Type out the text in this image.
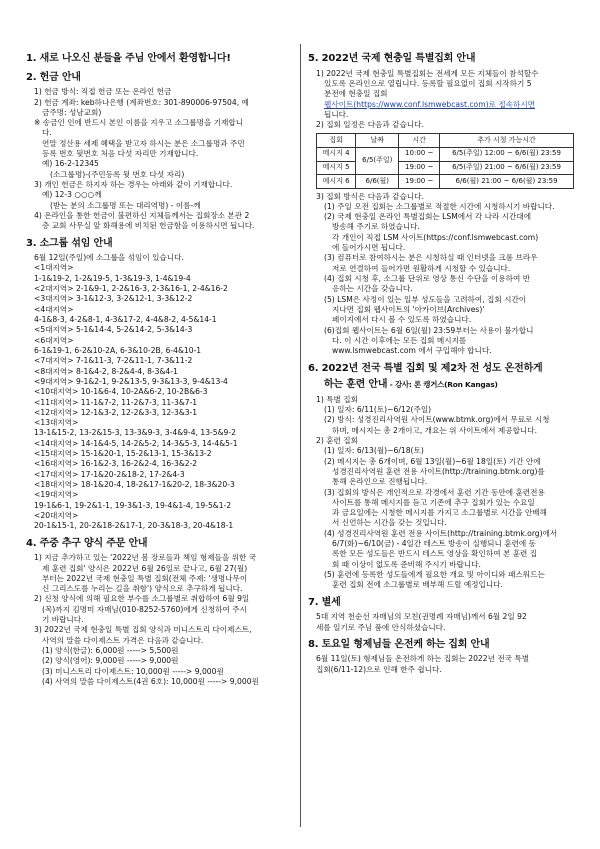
1. 새로 나오신 분들을 주님 안에서 환영합니다!
2. 헌금 안내
1) 헌금 방식: 직접 헌금 또는 온라인 헌금
2) 헌금 계좌: keb하나은행 (계좌번호: 301-890006-97504, 예
금주명: 성남교회)
※ 송금인 인에 반드시 본인 이름을 지우고 소그룹명을 기재합니
다.
연말 정산용 세제 혜택을 받고자 하시는 분은 소그룹명과 주민
등록 번호 뒷번호 처음 다섯 자리만 기재합니다.
예) 16-2-12345
(소그룹명)-(주민등록 뒷 번호 다섯 자리)
3) 개인 헌금은 하지자 하는 경우는 아래와 같이 기재합니다.
예) 12-3 ○○○께
(받는 분의 소그룹명 또는 대리역명) - 이름-께
4) 온라인을 통한 헌금이 불편하신 지체들께서는 집회장소 본관 2
층 교회 사무실 앞 화해용에 비치된 헌금함을 이용하시면 됩니다.
3. 소그룹 섞임 안내
6월 12일(주일)에 소그룹을 섞임이 있습니다.
<1대지역>
1-1&19-2, 1-2&19-5, 1-3&19-3, 1-4&19-4
<2대지역> 2-1&9-1, 2-2&16-3, 2-3&16-1, 2-4&16-2
<3대지역> 3-1&12-3, 3-2&12-1, 3-3&12-2
<4대지역>
4-1&8-3, 4-2&8-1, 4-3&17-2, 4-4&8-2, 4-5&14-1
<5대지역> 5-1&14-4, 5-2&14-2, 5-3&14-3
<6대지역>
6-1&19-1, 6-2&10-2A, 6-3&10-2B, 6-4&10-1
<7대지역> 7-1&11-3, 7-2&11-1, 7-3&11-2
<8대지역> 8-1&4-2, 8-2&4-4, 8-3&4-1
<9대지역> 9-1&2-1, 9-2&13-5, 9-3&13-3, 9-4&13-4
<10대지역> 10-1&6-4, 10-2A&6-2, 10-2B&6-3
<11대지역> 11-1&7-2, 11-2&7-3, 11-3&7-1
<12대지역> 12-1&3-2, 12-2&3-3, 12-3&3-1
<13대지역>
13-1&15-2, 13-2&15-3, 13-3&9-3, 3-4&9-4, 13-5&9-2
<14대지역> 14-1&4-5, 14-2&5-2, 14-3&5-3, 14-4&5-1
<15대지역> 15-1&20-1, 15-2&13-1, 15-3&13-2
<16대지역> 16-1&2-3, 16-2&2-4, 16-3&2-2
<17대지역> 17-1&20-2&18-2, 17-2&4-3
<18대지역> 18-1&20-4, 18-2&17-1&20-2, 18-3&20-3
<19대지역>
19-1&6-1, 19-2&1-1, 19-3&1-3, 19-4&1-4, 19-5&1-2
<20대지역>
20-1&15-1, 20-2&18-2&17-1, 20-3&18-3, 20-4&18-1
4. 주중 추구 양식 주문 안내
1) 지금 추가하고 있는 '2022년 봄 장로들과 책임 형제들을 위한 국
제 훈련 집회' 양식은 2022년 6월 26일로 끝나고, 6월 27(월)
부터는 2022년 국제 현충일 특별 집회(전체 주제: '생명나무이
신 그리스도를 누리는 길을 취함') 양식으로 추구하게 됩니다.
2) 신청 양식에 의해 필요한 부수를 소그룹별로 취합하여 6월 9일
(목)까지 김명미 자매님(010-8252-5760)에게 신청하여 주시
기 바랍니다.
3) 2022년 국제 현충일 특별 집회 양식과 미니스트리 다이제스트,
사역의 말씀 다이제스트 가격은 다음과 같습니다.
(1) 양식(한글): 6,000원 -----> 5,500원
(2) 양식(영어): 9,000원 -----> 9,000원
(3) 미니스트리 다이제스트: 10,000원 -----> 9,000원
(4) 사역의 말씀 다이제스트(4권 6호): 10,000원 -----> 9,000원
5. 2022년 국제 현충일 특별집회 안내
1) 2022년 국제 현충일 특별집회는 전세계 모든 지체들이 참석할수
있도록 온라인으로 열립니다. 등록할 필요없이 집회 시작하기 5
분전에 현충일 집회
웹사이트(https://www.conf.lsmwebcast.com)로 접속하시면
됩니다.
2) 집회 일정은 다음과 같습니다.
집회	날짜	시간	추가 시청 가능시간
메시지 4	6/5(주일)	10:00 ~	6/5(주일) 12:00 ~ 6/6(월) 23:59
메시지 5		19:00 ~	6/5(주일) 21:00 ~ 6/6(월) 23:59
메시지 6	6/6(월)	19:00 ~	6/6(월) 21:00 ~ 6/6(월) 23:59
3) 집회 방식은 다음과 같습니다.
(1) 주일 오전 집회는 소그룹별로 적절한 시간에 시청하시기 바랍니다.
(2) 국제 현충일 온라인 특별집회는 LSM에서 각 나라 시간대에
방송해 주기로 하였습니다.
각 개인이 직접 LSM 사이트(https://conf.lsmwebcast.com)
에 들어가시면 됩니다.
(3) 컴퓨터로 참여하시는 분은 시청하실 때 인터넷을 크롬 브라우
저로 연결하여 들어가면 원활하게 시청할 수 있습니다.
(4) 집회 시청 후, 소그룹 단위로 영상 통신 수단을 이용하여 반
응하는 시간을 갖습니다.
(5) LSM은 사정이 있는 일부 성도들을 고려하여, 집회 시간이
지나면 집회 웹사이트의 '아카이브(Archives)'
페이지에서 다시 볼 수 있도록 하였습니다.
(6)집회 웹사이트는 6월 6일(월) 23:59부터는 사용이 불가합니
다. 이 시간 이후에는 모든 집회 메시지를
www.lsmwebcast.com 에서 구입해야 합니다.
6. 2022년 전국 특별 집회 및 제2차 전 성도 온전하게
하는 훈련 안내 - 강사: 론 캥거스(Ron Kangas)
1) 특별 집회
(1) 일자: 6/11(토)~6/12(주일)
(2) 방식: 성경진리사역원 사이트(www.btmk.org)에서 무료로 시청
하며, 메시지는 총 2개이고, 개요는 위 사이트에서 제공합니다.
2) 훈련 집회
(1) 일자: 6/13(월)~6/18(토)
(2) 메시지는 총 6개이며, 6월 13일(월)~6월 18일(토) 기간 안에
성경진리사역원 훈련 전용 사이트(http://training.btmk.org)를
통해 온라인으로 진행됩니다.
(3) 집회의 방식은 개인적으로 각경에서 훈련 기간 동안에 훈련전용
사이트를 통해 메시지를 듣고 기존에 추구 집회가 있는 수요일
과 금요일에는 시청한 메시지를 가지고 소그룹별로 시간을 안배해
서 신언하는 시간을 갖는 것입니다.
(4) 성경진리사역원 훈련 전용 사이트(http://training.btmk.org)에서
6/7(화)~6/10(금) - 4일간 테스트 방송이 실행되니 훈련에 동
록한 모든 성도들은 반드시 테스트 영상을 확인하여 본 훈련 집
회 때 이상이 없도록 준비해 주시기 바랍니다.
(5) 훈련에 등록한 성도들에게 필요한 개요 및 아이디와 패스워드는
훈련 집회 전에 소그룹별로 배부해 드릴 예정입니다.
7. 별세
5대 지역 천순선 자매님의 모친(권명례 자매님)께서 6월 2일 92
세를 일기로 주님 품에 안식하셨습니다.
8. 토요일 형제님들 온전케 하는 집회 안내
6월 11일(토) 형제님들 온전하게 하는 집회는 2022년 전국 특별
집회(6/11-12)으로 인해 한주 쉽니다.
